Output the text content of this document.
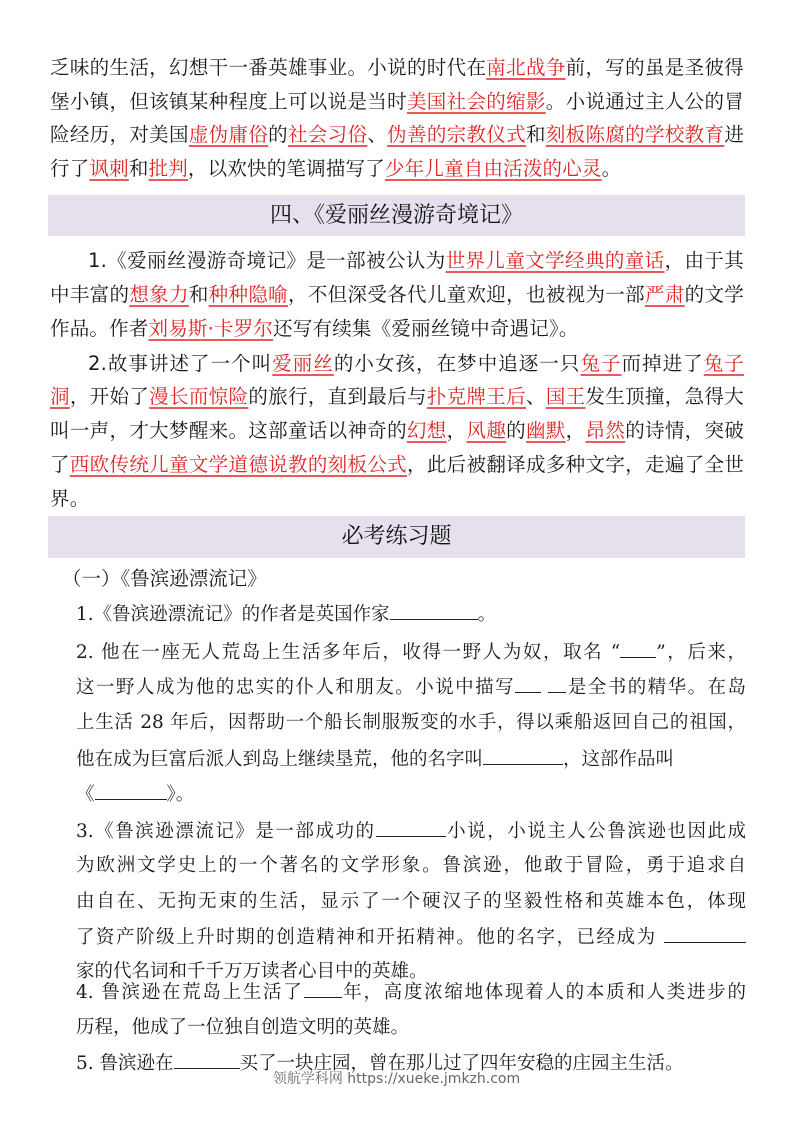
乏味的生活，幻想干一番英雄事业。小说的时代在南北战争前，写的虽是圣彼得
堡小镇，但该镇某种程度上可以说是当时美国社会的缩影。小说通过主人公的冒
险经历，对美国虚伪庸俗的社会习俗、伪善的宗教仪式和刻板陈腐的学校教育进
行了讽刺和批判，以欢快的笔调描写了少年儿童自由活泼的心灵。
四、《爱丽丝漫游奇境记》
1.《爱丽丝漫游奇境记》是一部被公认为世界儿童文学经典的童话，由于其
中丰富的想象力和种种隐喻，不但深受各代儿童欢迎，也被视为一部严肃的文学
作品。作者刘易斯·卡罗尔还写有续集《爱丽丝镜中奇遇记》。
2.故事讲述了一个叫爱丽丝的小女孩，在梦中追逐一只兔子而掉进了兔子
洞，开始了漫长而惊险的旅行，直到最后与扑克牌王后、国王发生顶撞，急得大
叫一声，才大梦醒来。这部童话以神奇的幻想，风趣的幽默，昂然的诗情，突破
了西欧传统儿童文学道德说教的刻板公式，此后被翻译成多种文字，走遍了全世
界。
必考练习题
（一）《鲁滨逊漂流记》
1.《鲁滨逊漂流记》的作者是英国作家	。
2. 他在一座无人荒岛上生活多年后，收得一野人为奴，取名 “ ”，后来，
这一野人成为他的忠实的仆人和朋友。小说中描写	是全书的精华。在岛
上生活 28 年后，因帮助一个船长制服叛变的水手，得以乘船返回自己的祖国，
他在成为巨富后派人到岛上继续垦荒，他的名字叫	，这部作品叫
《	》。
3.《鲁滨逊漂流记》是一部成功的	小说，小说主人公鲁滨逊也因此成
为欧洲文学史上的一个著名的文学形象。鲁滨逊，他敢于冒险，勇于追求自
由自在、无拘无束的生活，显示了一个硬汉子的坚毅性格和英雄本色，体现
了资产阶级上升时期的创造精神和开拓精神。他的名字，已经成为
家的代名词和千千万万读者心目中的英雄。
4. 鲁滨逊在荒岛上生活了 年，高度浓缩地体现着人的本质和人类进步的
历程，他成了一位独自创造文明的英雄。
5. 鲁滨逊在	买了一块庄园，曾在那儿过了四年安稳的庄园主生活。
领航学科网 https://xueke.jmkzh.com
